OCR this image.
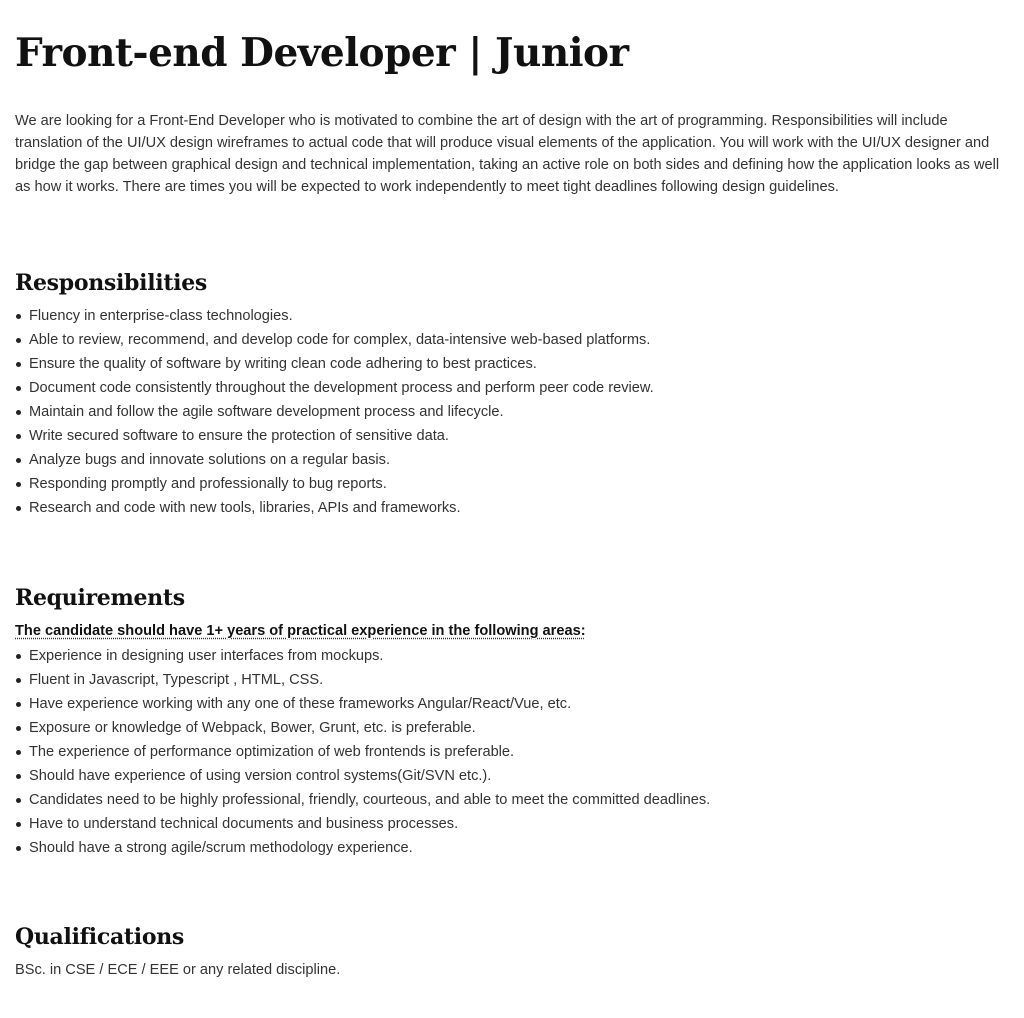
Front-end Developer | Junior

We are looking for a Front-End Developer who is motivated to combine the art of design with the art of programming. Responsibilities will include translation of the UI/UX design wireframes to actual code that will produce visual elements of the application. You will work with the UI/UX designer and bridge the gap between graphical design and technical implementation, taking an active role on both sides and defining how the application looks as well as how it works. There are times you will be expected to work independently to meet tight deadlines following design guidelines.

Responsibilities
Fluency in enterprise-class technologies.
Able to review, recommend, and develop code for complex, data-intensive web-based platforms.
Ensure the quality of software by writing clean code adhering to best practices.
Document code consistently throughout the development process and perform peer code review.
Maintain and follow the agile software development process and lifecycle.
Write secured software to ensure the protection of sensitive data.
Analyze bugs and innovate solutions on a regular basis.
Responding promptly and professionally to bug reports.
Research and code with new tools, libraries, APIs and frameworks.
Requirements
The candidate should have 1+ years of practical experience in the following areas:
Experience in designing user interfaces from mockups.
Fluent in Javascript, Typescript , HTML, CSS.
Have experience working with any one of these frameworks Angular/React/Vue, etc.
Exposure or knowledge of Webpack, Bower, Grunt, etc. is preferable.
The experience of performance optimization of web frontends is preferable.
Should have experience of using version control systems(Git/SVN etc.).
Candidates need to be highly professional, friendly, courteous, and able to meet the committed deadlines.
Have to understand technical documents and business processes.
Should have a strong agile/scrum methodology experience.
Qualifications

BSc. in CSE / ECE / EEE or any related discipline.
